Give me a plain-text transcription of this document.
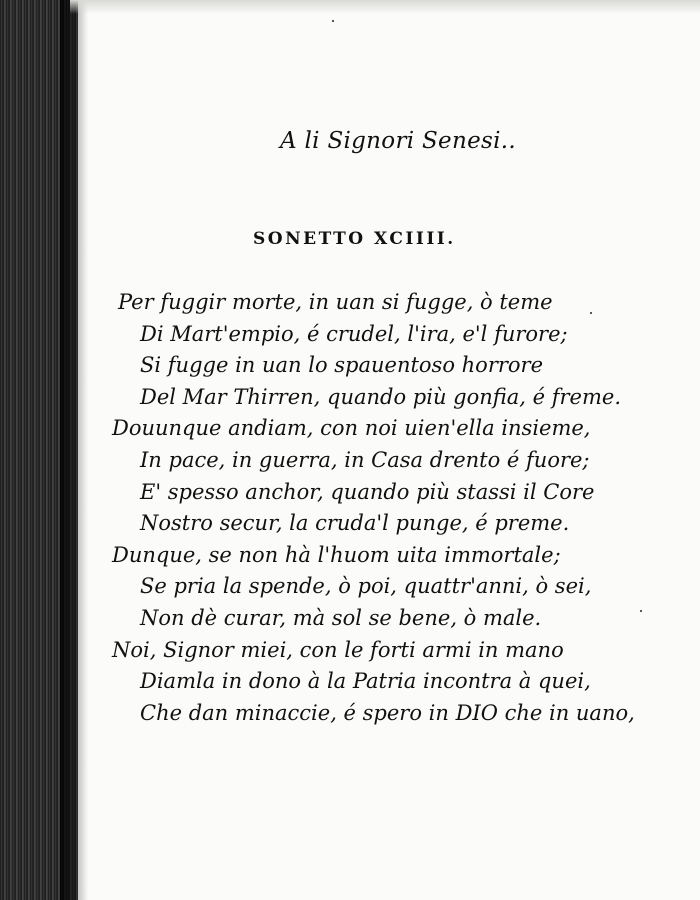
A li Signori Senesi..
SONETTO XCIIII.
Per fuggir morte, in uan si fugge, ò teme
Di Mart'empio, é crudel, l'ira, e'l furore;
Si fugge in uan lo spauentoso horrore
Del Mar Thirren, quando più gonfia, é freme.
Douunque andiam, con noi uien'ella insieme,
In pace, in guerra, in Casa drento é fuore;
E' spesso anchor, quando più stassi il Core
Nostro secur, la cruda'l punge, é preme.
Dunque, se non hà l'huom uita immortale;
Se pria la spende, ò poi, quattr'anni, ò sei,
Non dè curar, mà sol se bene, ò male.
Noi, Signor miei, con le forti armi in mano
Diamla in dono à la Patria incontra à quei,
Che dan minaccie, é spero in DIO che in uano,
